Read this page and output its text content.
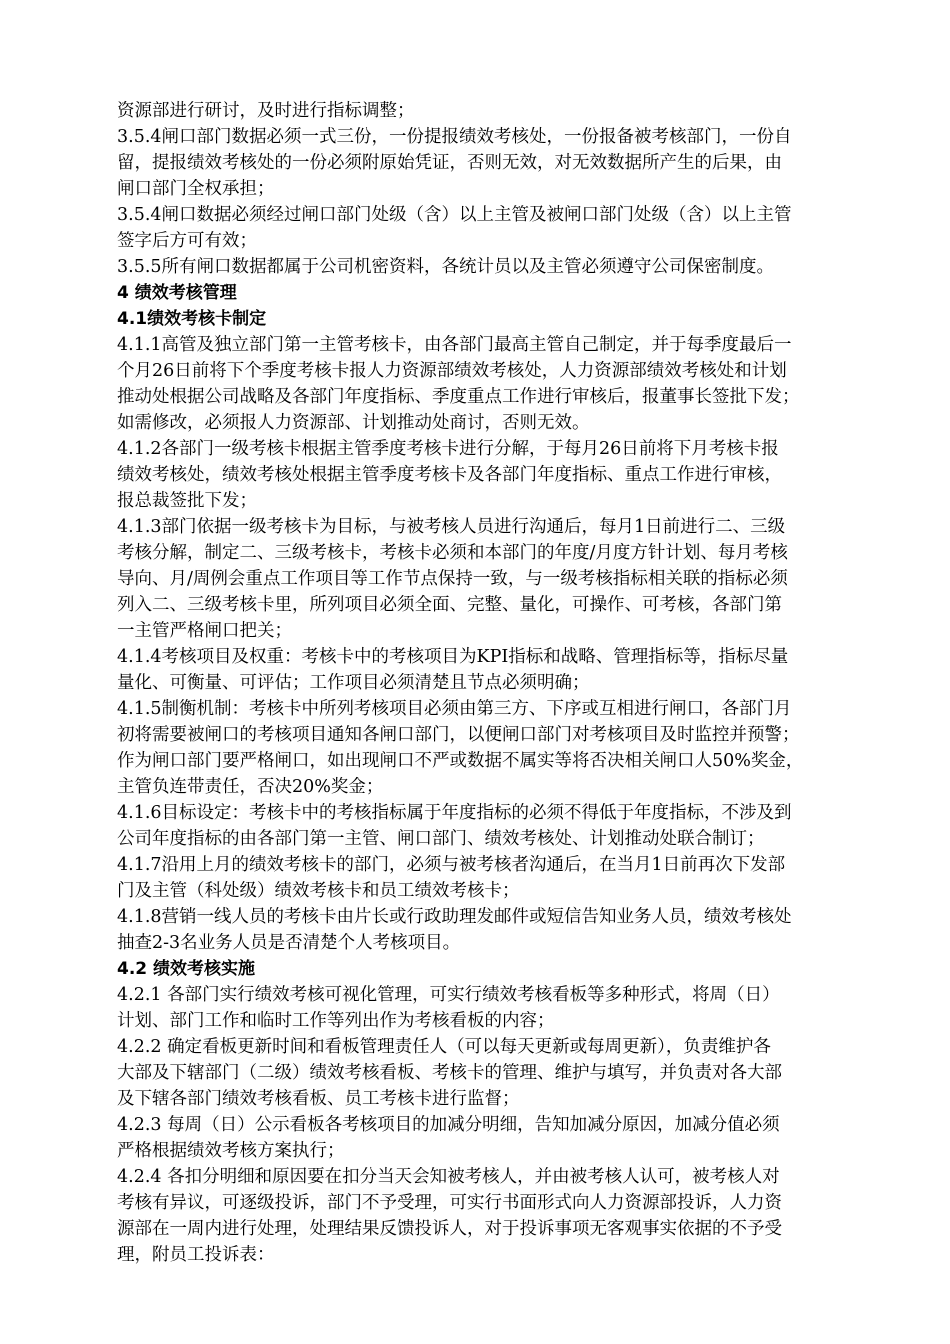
资源部进行研讨，及时进行指标调整；
3.5.4闸口部门数据必须一式三份，一份提报绩效考核处，一份报备被考核部门，一份自
留，提报绩效考核处的一份必须附原始凭证，否则无效，对无效数据所产生的后果，由
闸口部门全权承担；
3.5.4闸口数据必须经过闸口部门处级（含）以上主管及被闸口部门处级（含）以上主管
签字后方可有效；
3.5.5所有闸口数据都属于公司机密资料，各统计员以及主管必须遵守公司保密制度。
4 绩效考核管理
4.1绩效考核卡制定
4.1.1高管及独立部门第一主管考核卡，由各部门最高主管自己制定，并于每季度最后一
个月26日前将下个季度考核卡报人力资源部绩效考核处，人力资源部绩效考核处和计划
推动处根据公司战略及各部门年度指标、季度重点工作进行审核后，报董事长签批下发；
如需修改，必须报人力资源部、计划推动处商讨，否则无效。
4.1.2各部门一级考核卡根据主管季度考核卡进行分解，于每月26日前将下月考核卡报
绩效考核处，绩效考核处根据主管季度考核卡及各部门年度指标、重点工作进行审核，
报总裁签批下发；
4.1.3部门依据一级考核卡为目标，与被考核人员进行沟通后，每月1日前进行二、三级
考核分解，制定二、三级考核卡，考核卡必须和本部门的年度/月度方针计划、每月考核
导向、月/周例会重点工作项目等工作节点保持一致，与一级考核指标相关联的指标必须
列入二、三级考核卡里，所列项目必须全面、完整、量化，可操作、可考核，各部门第
一主管严格闸口把关；
4.1.4考核项目及权重：考核卡中的考核项目为KPI指标和战略、管理指标等，指标尽量
量化、可衡量、可评估；工作项目必须清楚且节点必须明确；
4.1.5制衡机制：考核卡中所列考核项目必须由第三方、下序或互相进行闸口，各部门月
初将需要被闸口的考核项目通知各闸口部门，以便闸口部门对考核项目及时监控并预警；
作为闸口部门要严格闸口，如出现闸口不严或数据不属实等将否决相关闸口人50%奖金，
主管负连带责任，否决20%奖金；
4.1.6目标设定：考核卡中的考核指标属于年度指标的必须不得低于年度指标，不涉及到
公司年度指标的由各部门第一主管、闸口部门、绩效考核处、计划推动处联合制订；
4.1.7沿用上月的绩效考核卡的部门，必须与被考核者沟通后，在当月1日前再次下发部
门及主管（科处级）绩效考核卡和员工绩效考核卡；
4.1.8营销一线人员的考核卡由片长或行政助理发邮件或短信告知业务人员，绩效考核处
抽查2-3名业务人员是否清楚个人考核项目。
4.2 绩效考核实施
4.2.1 各部门实行绩效考核可视化管理，可实行绩效考核看板等多种形式，将周（日）
计划、部门工作和临时工作等列出作为考核看板的内容；
4.2.2 确定看板更新时间和看板管理责任人（可以每天更新或每周更新），负责维护各
大部及下辖部门（二级）绩效考核看板、考核卡的管理、维护与填写，并负责对各大部
及下辖各部门绩效考核看板、员工考核卡进行监督；
4.2.3 每周（日）公示看板各考核项目的加减分明细，告知加减分原因，加减分值必须
严格根据绩效考核方案执行；
4.2.4 各扣分明细和原因要在扣分当天会知被考核人，并由被考核人认可，被考核人对
考核有异议，可逐级投诉，部门不予受理，可实行书面形式向人力资源部投诉，人力资
源部在一周内进行处理，处理结果反馈投诉人，对于投诉事项无客观事实依据的不予受
理，附员工投诉表：
